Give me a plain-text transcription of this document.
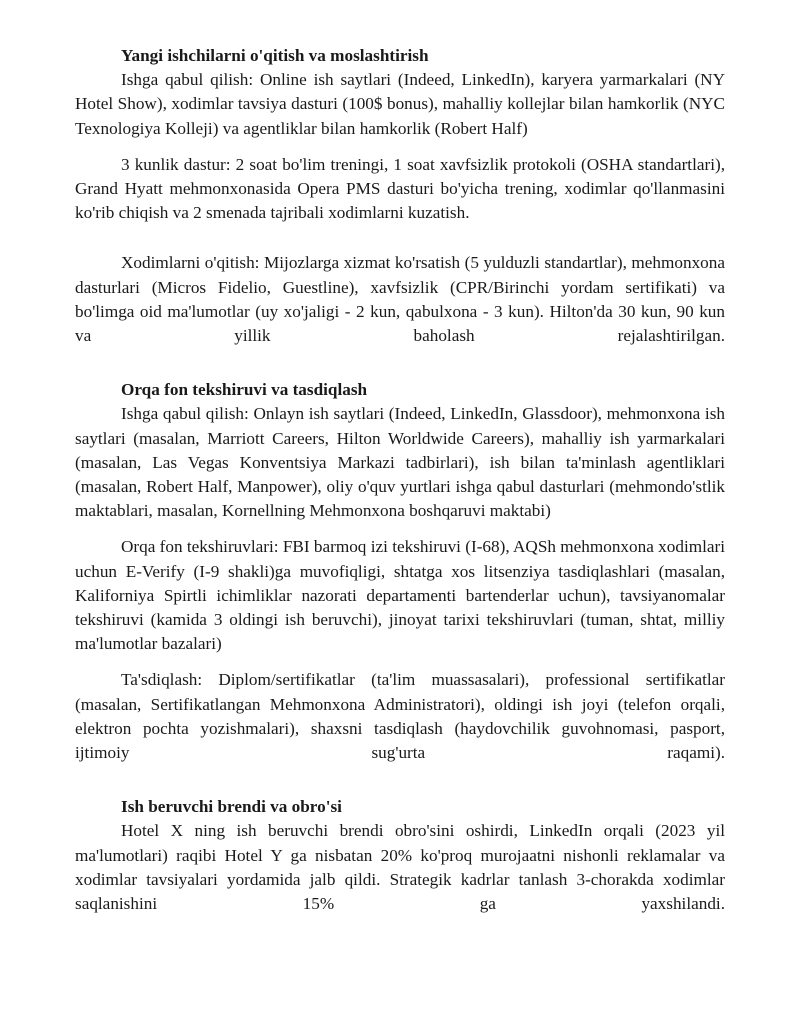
Yangi ishchilarni o'qitish va moslashtirish

Ishga qabul qilish: Online ish saytlari (Indeed, LinkedIn), karyera yarmarkalari (NY Hotel Show), xodimlar tavsiya dasturi (100$ bonus), mahalliy kollejlar bilan hamkorlik (NYC Texnologiya Kolleji) va agentliklar bilan hamkorlik (Robert Half)

3 kunlik dastur: 2 soat bo'lim treningi, 1 soat xavfsizlik protokoli (OSHA standartlari), Grand Hyatt mehmonxonasida Opera PMS dasturi bo'yicha trening, xodimlar qo'llanmasini ko'rib chiqish va 2 smenada tajribali xodimlarni kuzatish.

Xodimlarni o'qitish: Mijozlarga xizmat ko'rsatish (5 yulduzli standartlar), mehmonxona dasturlari (Micros Fidelio, Guestline), xavfsizlik (CPR/Birinchi yordam sertifikati) va bo'limga oid ma'lumotlar (uy xo'jaligi - 2 kun, qabulxona - 3 kun). Hilton'da 30 kun, 90 kun va yillik baholash rejalashtirilgan.

Orqa fon tekshiruvi va tasdiqlash

Ishga qabul qilish: Onlayn ish saytlari (Indeed, LinkedIn, Glassdoor), mehmonxona ish saytlari (masalan, Marriott Careers, Hilton Worldwide Careers), mahalliy ish yarmarkalari (masalan, Las Vegas Konventsiya Markazi tadbirlari), ish bilan ta'minlash agentliklari (masalan, Robert Half, Manpower), oliy o'quv yurtlari ishga qabul dasturlari (mehmondo'stlik maktablari, masalan, Kornellning Mehmonxona boshqaruvi maktabi)

Orqa fon tekshiruvlari: FBI barmoq izi tekshiruvi (I-68), AQSh mehmonxona xodimlari uchun E-Verify (I-9 shakli)ga muvofiqligi, shtatga xos litsenziya tasdiqlashlari (masalan, Kaliforniya Spirtli ichimliklar nazorati departamenti bartenderlar uchun), tavsiyanomalar tekshiruvi (kamida 3 oldingi ish beruvchi), jinoyat tarixi tekshiruvlari (tuman, shtat, milliy ma'lumotlar bazalari)

Ta'sdiqlash: Diplom/sertifikatlar (ta'lim muassasalari), professional sertifikatlar (masalan, Sertifikatlangan Mehmonxona Administratori), oldingi ish joyi (telefon orqali, elektron pochta yozishmalari), shaxsni tasdiqlash (haydovchilik guvohnomasi, pasport, ijtimoiy sug'urta raqami).

Ish beruvchi brendi va obro'si

Hotel X ning ish beruvchi brendi obro'sini oshirdi, LinkedIn orqali (2023 yil ma'lumotlari) raqibi Hotel Y ga nisbatan 20% ko'proq murojaatni nishonli reklamalar va xodimlar tavsiyalari yordamida jalb qildi. Strategik kadrlar tanlash 3-chorakda xodimlar saqlanishini 15% ga yaxshilandi.
